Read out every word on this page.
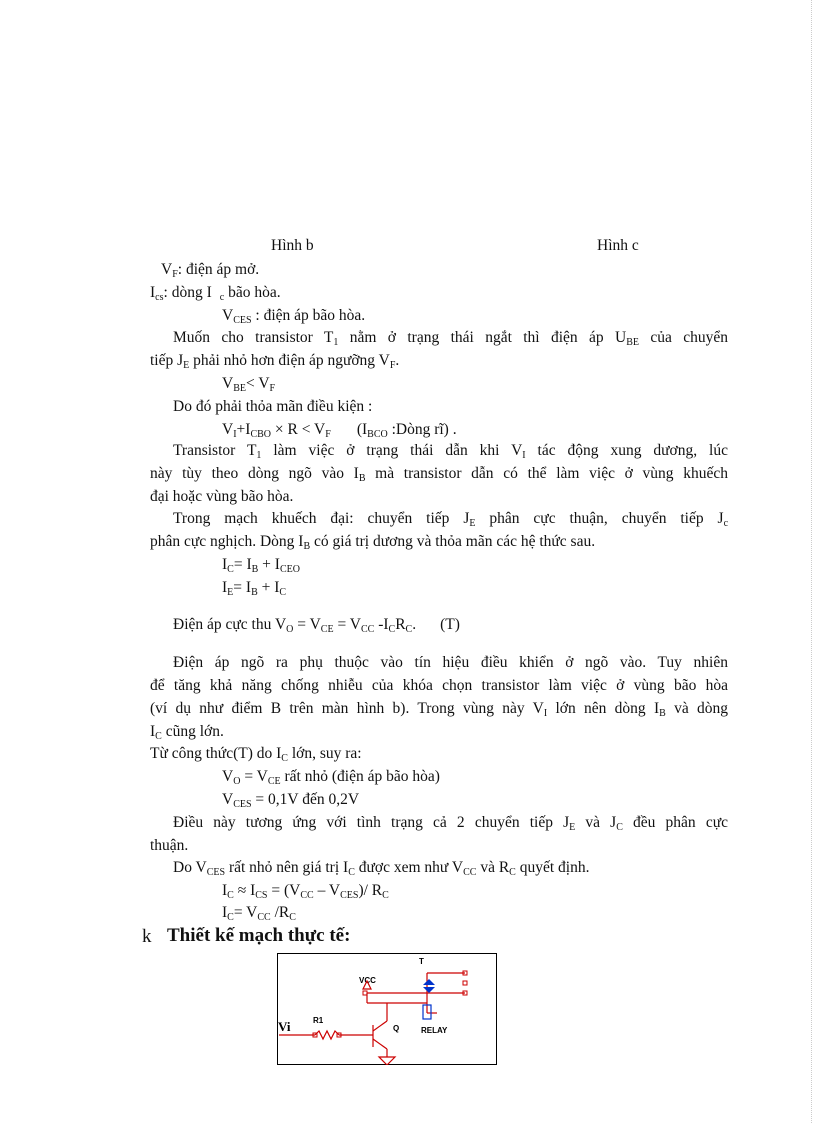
Hình b	Hình c
$V_F$: điện áp mở.
$I_{cs}$: dòng I $_c$ bão hòa.
$V_{CES}$ : điện áp bão hòa.
Muốn cho transistor $T_1$ nằm ở trạng thái ngắt thì điện áp $U_{BE}$ của chuyển
tiếp $J_E$ phải nhỏ hơn điện áp ngưỡng $V_F$.
$V_{BE}< V_F$
Do đó phải thỏa mãn điều kiện :
$V_I+I_{CBO} \times R < V_F$ ($I_{BCO}$ :Dòng rĩ) .
Transistor $T_1$ làm việc ở trạng thái dẫn khi $V_I$ tác động xung dương, lúc
này tùy theo dòng ngõ vào $I_B$ mà transistor dẫn có thể làm việc ở vùng khuếch
đại hoặc vùng bão hòa.
Trong mạch khuếch đại: chuyển tiếp $J_E$ phân cực thuận, chuyển tiếp $J_c$
phân cực nghịch. Dòng $I_B$ có giá trị dương và thỏa mãn các hệ thức sau.
$I_C= I_B + I_{CEO}$
$I_E= I_B + I_C$
Điện áp cực thu $V_O = V_{CE} = V_{CC}$ $-I_CR_C$. (T)
Điện áp ngõ ra phụ thuộc vào tín hiệu điều khiển ở ngõ vào. Tuy nhiên
để tăng khả năng chống nhiễu của khóa chọn transistor làm việc ở vùng bão hòa
(ví dụ như điểm B trên màn hình b). Trong vùng này $V_I$ lớn nên dòng $I_B$ và dòng
$I_C$ cũng lớn.
Từ công thức(T) do $I_C$ lớn, suy ra:
$V_O = V_{CE}$ rất nhỏ (điện áp bão hòa)
$V_{CES} = 0,1V$ đến 0,2V
Điều này tương ứng với tình trạng cả 2 chuyển tiếp $J_E$ và $J_C$ đều phân cực
thuận.
Do $V_{CES}$ rất nhỏ nên giá trị $I_C$ được xem như $V_{CC}$ và $R_C$ quyết định.
$I_C \approx I_{CS} = (V_{CC} - V_{CES})/$ $R_C$
$I_C= V_{CC}$ $/R_C$
k Thiết kế mạch thực tế:
T
VCC
Vi	R1
Q	RELAY
